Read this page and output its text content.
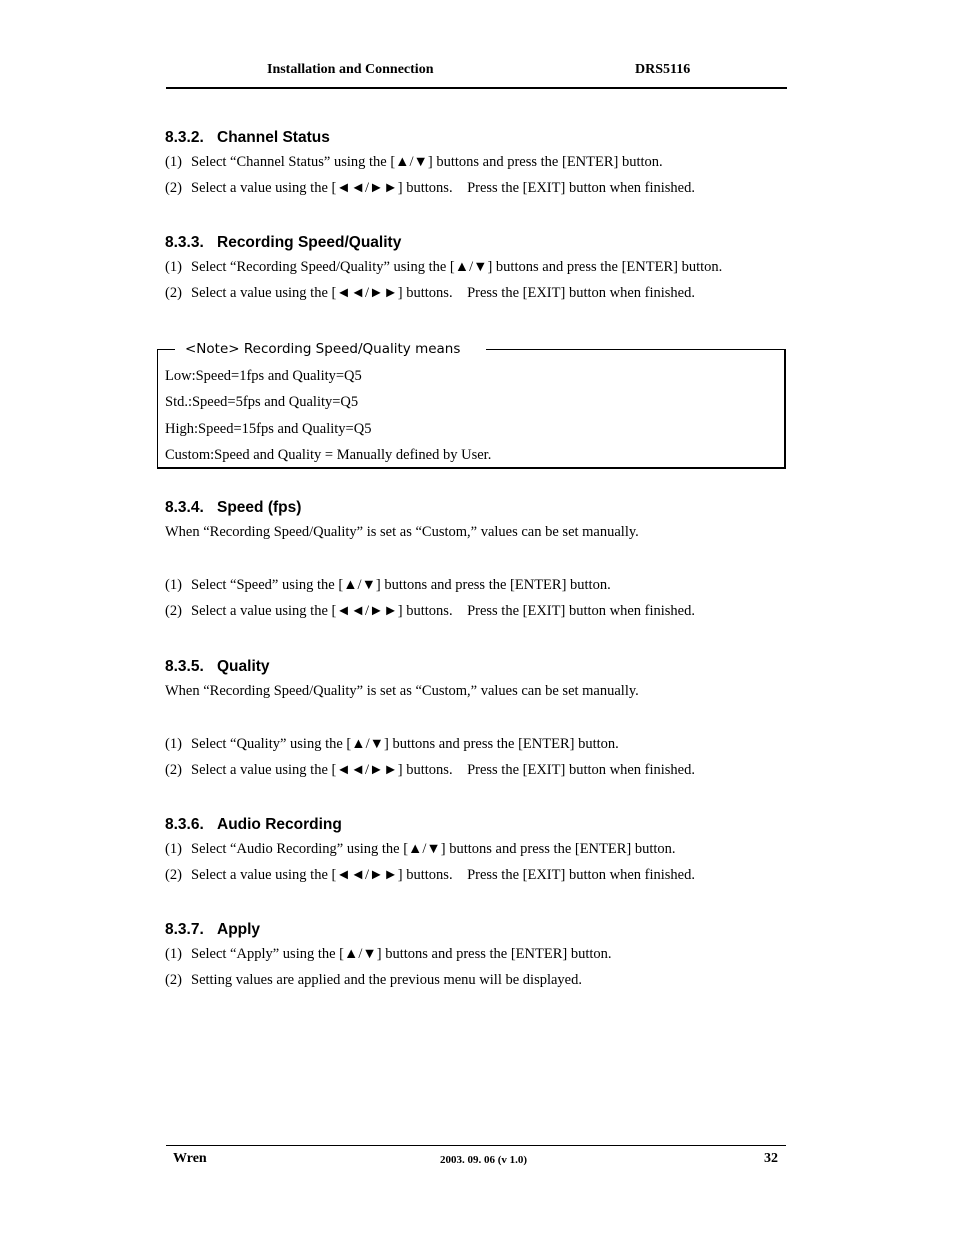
Installation and Connection	DRS5116
8.3.2. Channel Status
(1) Select “Channel Status” using the [▲/▼] buttons and press the [ENTER] button.
(2) Select a value using the [◄◄/►►] buttons. Press the [EXIT] button when finished.
8.3.3. Recording Speed/Quality
(1) Select “Recording Speed/Quality” using the [▲/▼] buttons and press the [ENTER] button.
(2) Select a value using the [◄◄/►►] buttons. Press the [EXIT] button when finished.
<Note> Recording Speed/Quality means
Low:Speed=1fps and Quality=Q5
Std.:Speed=5fps and Quality=Q5
High:Speed=15fps and Quality=Q5
Custom:Speed and Quality = Manually defined by User.
8.3.4. Speed (fps)
When “Recording Speed/Quality” is set as “Custom,” values can be set manually.
(1) Select “Speed” using the [▲/▼] buttons and press the [ENTER] button.
(2) Select a value using the [◄◄/►►] buttons. Press the [EXIT] button when finished.
8.3.5. Quality
When “Recording Speed/Quality” is set as “Custom,” values can be set manually.
(1) Select “Quality” using the [▲/▼] buttons and press the [ENTER] button.
(2) Select a value using the [◄◄/►►] buttons. Press the [EXIT] button when finished.
8.3.6. Audio Recording
(1) Select “Audio Recording” using the [▲/▼] buttons and press the [ENTER] button.
(2) Select a value using the [◄◄/►►] buttons. Press the [EXIT] button when finished.
8.3.7. Apply
(1) Select “Apply” using the [▲/▼] buttons and press the [ENTER] button.
(2) Setting values are applied and the previous menu will be displayed.
Wren	2003. 09. 06 (v 1.0)	32
